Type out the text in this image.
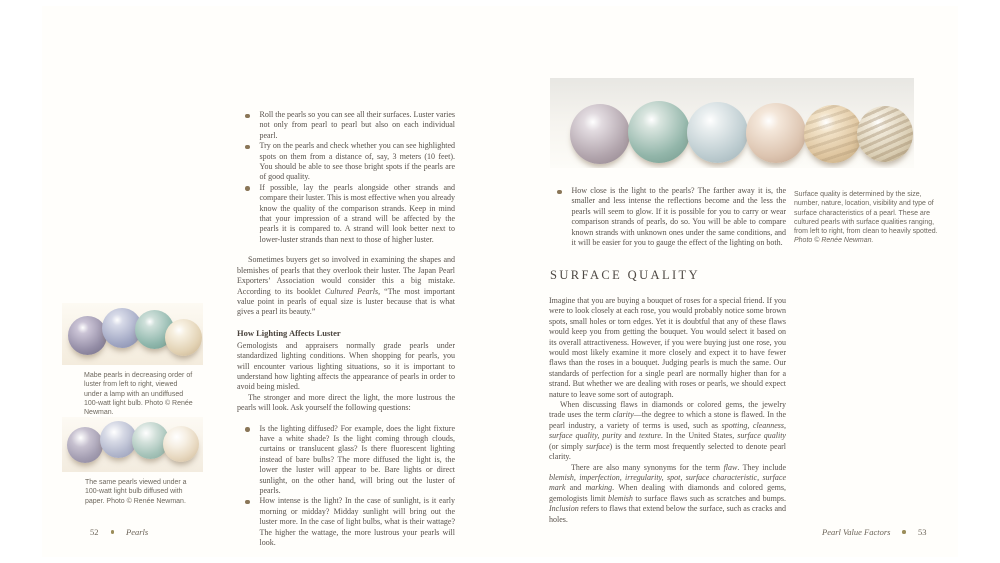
Mabe pearls in decreasing order of luster from left to right, viewed under a lamp with an undiffused 100-watt light bulb. Photo © Renée Newman.
The same pearls viewed under a 100-watt light bulb diffused with paper. Photo © Renée Newman.
Roll the pearls so you can see all their surfaces. Luster varies not only from pearl to pearl but also on each individual pearl.
Try on the pearls and check whether you can see highlighted spots on them from a distance of, say, 3 meters (10 feet). You should be able to see those bright spots if the pearls are of good quality.
If possible, lay the pearls alongside other strands and compare their luster. This is most effective when you already know the quality of the comparison strands. Keep in mind that your impression of a strand will be affected by the pearls it is compared to. A strand will look better next to lower-luster strands than next to those of higher luster.

Sometimes buyers get so involved in examining the shapes and blemishes of pearls that they overlook their luster. The Japan Pearl Exporters’ Association would consider this a big mistake. According to its booklet Cultured Pearls, “The most important value point in pearls of equal size is luster because that is what gives a pearl its beauty.”

How Lighting Affects Luster

Gemologists and appraisers normally grade pearls under standardized lighting conditions. When shopping for pearls, you will encounter various lighting situations, so it is important to understand how lighting affects the appearance of pearls in order to avoid being misled.

The stronger and more direct the light, the more lustrous the pearls will look. Ask yourself the following questions:

Is the lighting diffused? For example, does the light fixture have a white shade? Is the light coming through clouds, curtains or translucent glass? Is there fluorescent lighting instead of bare bulbs? The more diffused the light is, the lower the luster will appear to be. Bare lights or direct sunlight, on the other hand, will bring out the luster of pearls.
How intense is the light? In the case of sunlight, is it early morning or midday? Midday sunlight will bring out the luster more. In the case of light bulbs, what is their wattage? The higher the wattage, the more lustrous your pearls will look.
52	Pearls
How close is the light to the pearls? The farther away it is, the smaller and less intense the reflections become and the less the pearls will seem to glow. If it is possible for you to carry or wear comparison strands of pearls, do so. You will be able to compare known strands with unknown ones under the same conditions, and it will be easier for you to gauge the effect of the lighting on both.
Surface quality is determined by the size, number, nature, location, visibility and type of surface characteristics of a pearl. These are cultured pearls with surface qualities ranging, from left to right, from clean to heavily spotted. Photo © Renée Newman.
SURFACE QUALITY

Imagine that you are buying a bouquet of roses for a special friend. If you were to look closely at each rose, you would probably notice some brown spots, small holes or torn edges. Yet it is doubtful that any of these flaws would keep you from getting the bouquet. You would select it based on its overall attractiveness. However, if you were buying just one rose, you would most likely examine it more closely and expect it to have fewer flaws than the roses in a bouquet. Judging pearls is much the same. Our standards of perfection for a single pearl are normally higher than for a strand. But whether we are dealing with roses or pearls, we should expect nature to leave some sort of autograph.

When discussing flaws in diamonds or colored gems, the jewelry trade uses the term clarity—the degree to which a stone is flawed. In the pearl industry, a variety of terms is used, such as spotting, cleanness, surface quality, purity and texture. In the United States, surface quality (or simply surface) is the term most frequently selected to denote pearl clarity.

There are also many synonyms for the term flaw. They include blemish, imperfection, irregularity, spot, surface characteristic, surface mark and marking. When dealing with diamonds and colored gems, gemologists limit blemish to surface flaws such as scratches and bumps. Inclusion refers to flaws that extend below the surface, such as cracks and holes.

Pearl Value Factors	53
